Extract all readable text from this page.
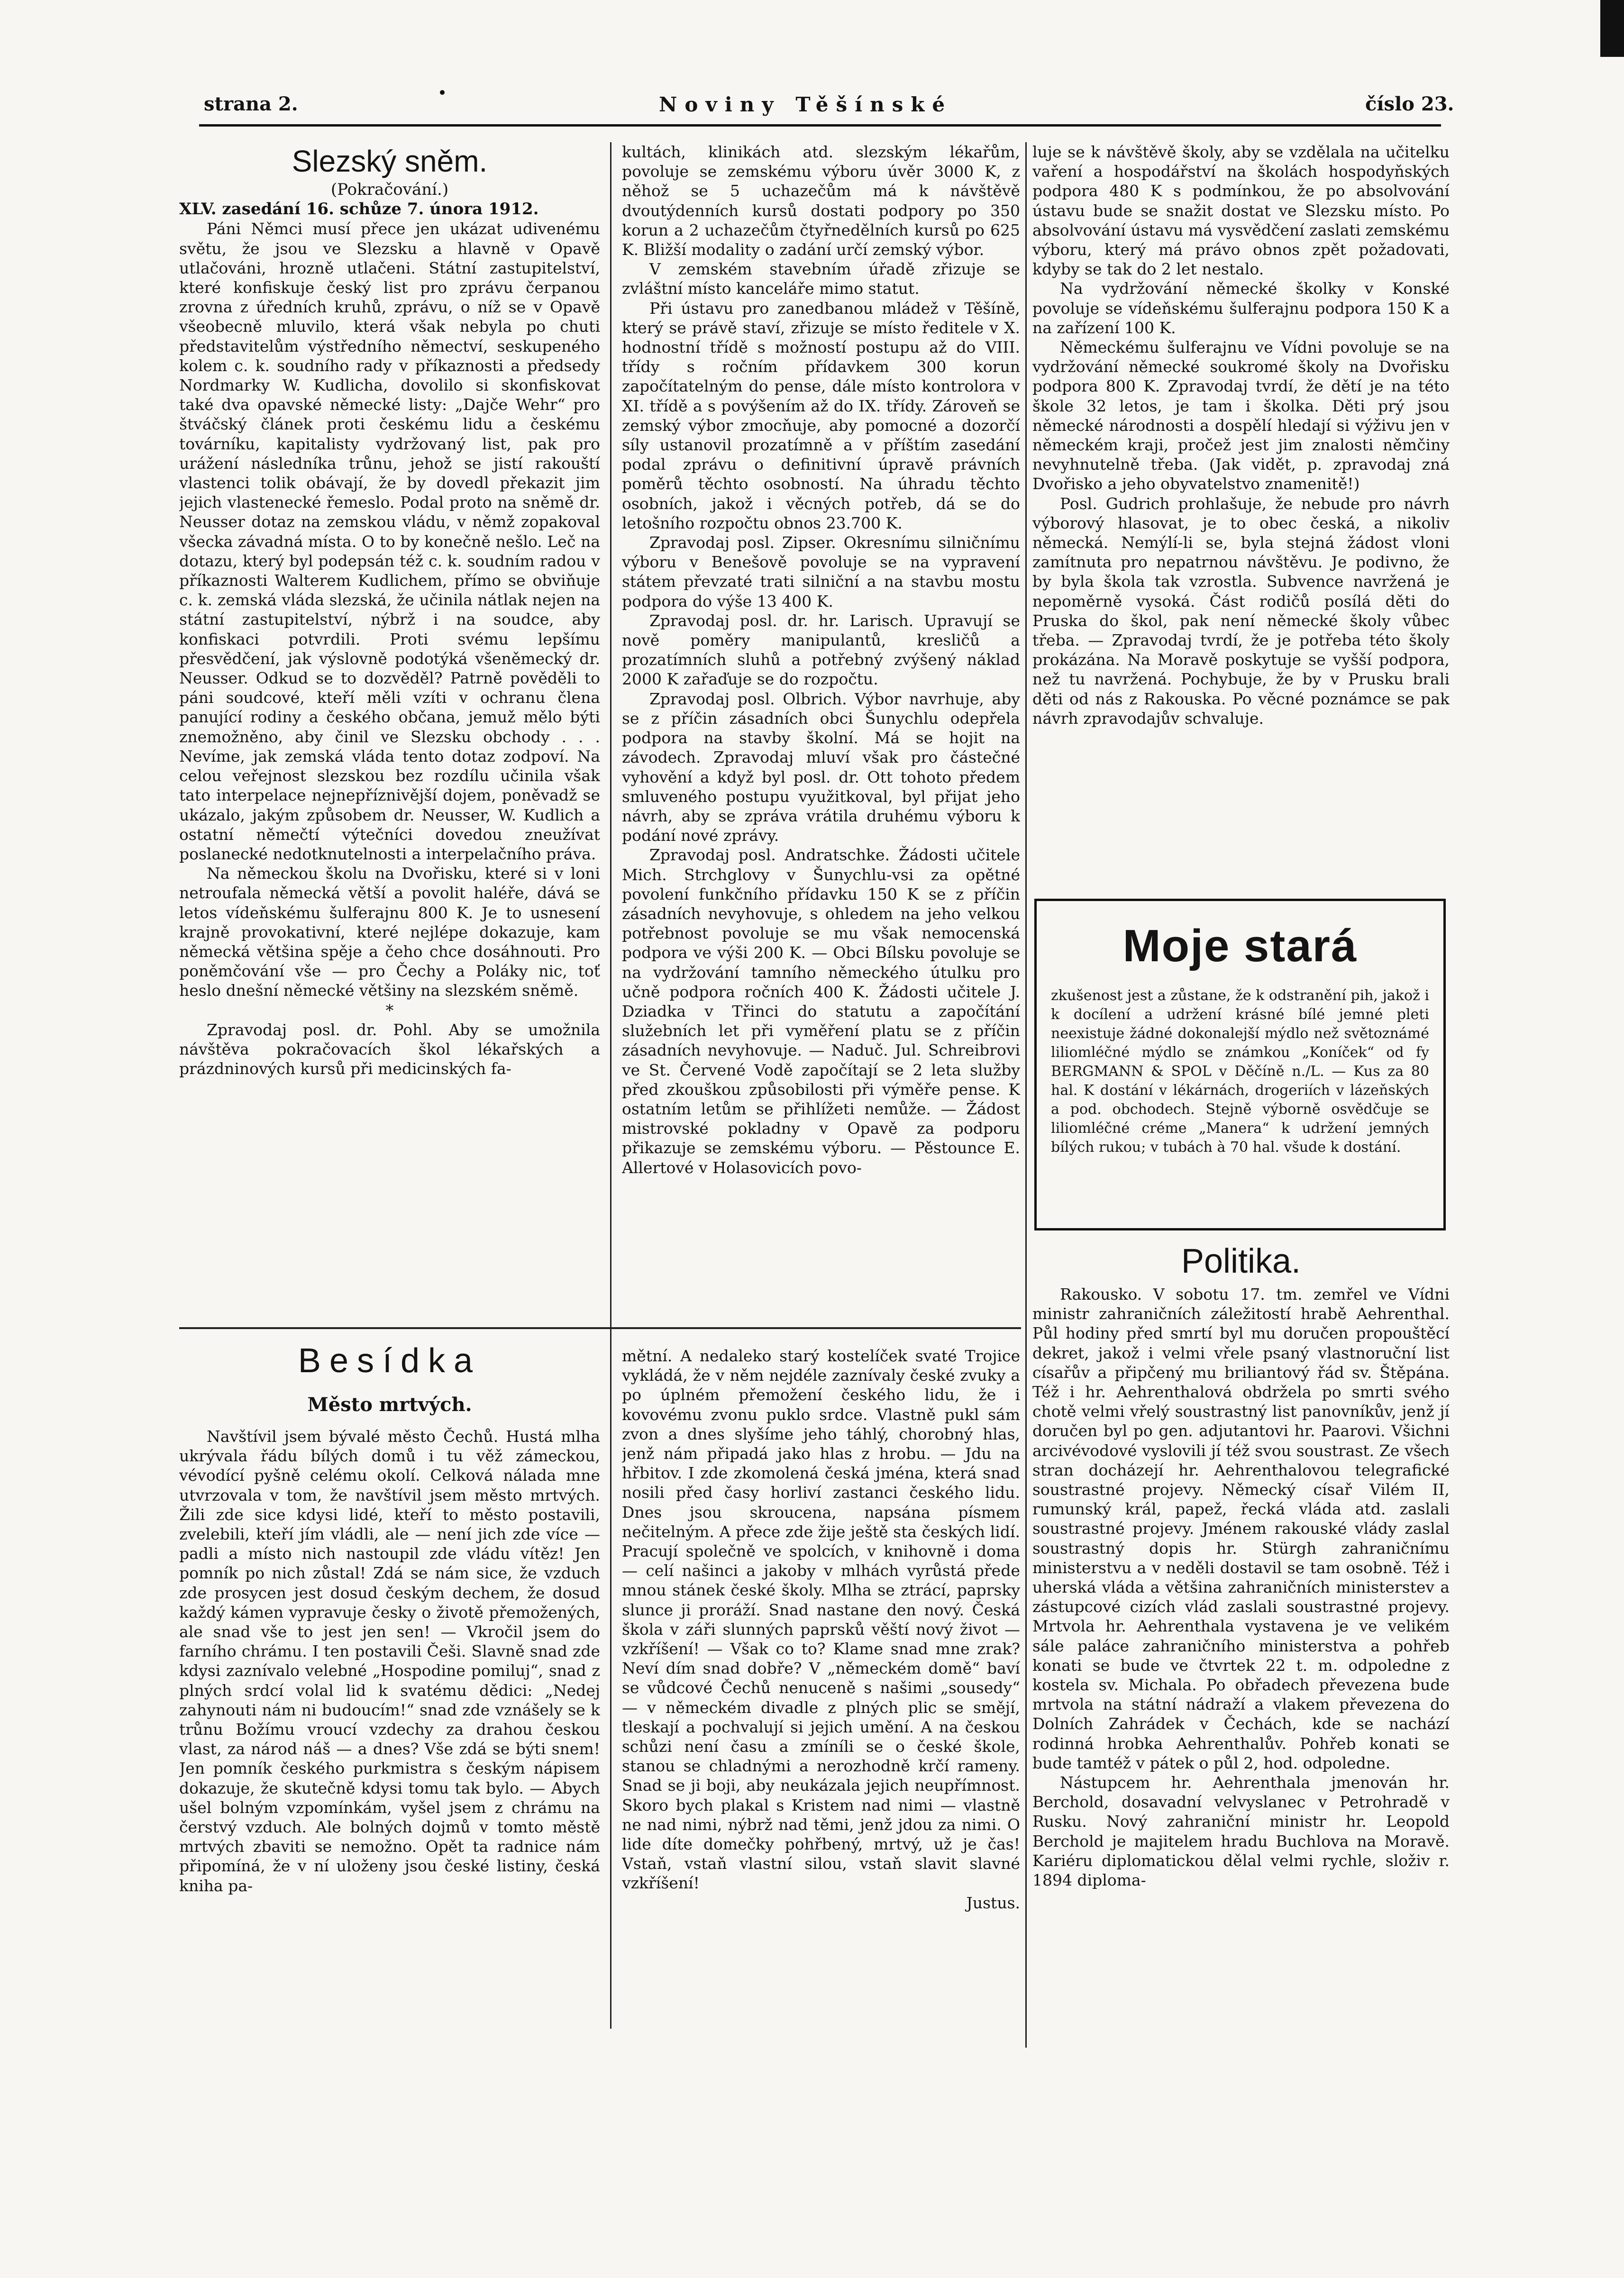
strana 2.	Noviny Těšínské	číslo 23.

Slezský sněm.

(Pokračování.)

XLV. zasedání 16. schůze 7. února 1912.

Páni Němci musí přece jen ukázat udivenému světu, že jsou ve Slezsku a hlavně v Opavě utlačováni, hrozně utlačeni. Státní zastupitelství, které konfiskuje český list pro zprávu čerpanou zrovna z úředních kruhů, zprávu, o níž se v Opavě všeobecně mluvilo, která však nebyla po chuti představitelům výstředního němectví, seskupeného kolem c. k. soudního rady v příkaznosti a předsedy Nordmarky W. Kudlicha, dovolilo si skonfiskovat také dva opavské německé listy: „Dajče Wehr“ pro štváčský článek proti českému lidu a českému továrníku, kapitalisty vydržovaný list, pak pro urážení následníka trůnu, jehož se jistí rakouští vlastenci tolik obávají, že by dovedl překazit jim jejich vlastenecké řemeslo. Podal proto na sněmě dr. Neusser dotaz na zemskou vládu, v němž zopakoval všecka závadná místa. O to by konečně nešlo. Leč na dotazu, který byl podepsán též c. k. soudním radou v příkaznosti Walterem Kudlichem, přímo se obviňuje c. k. zemská vláda slezská, že učinila nátlak nejen na státní zastupitelství, nýbrž i na soudce, aby konfiskaci potvrdili. Proti svému lepšímu přesvědčení, jak výslovně podotýká všeněmecký dr. Neusser. Odkud se to dozvěděl? Patrně pověděli to páni soudcové, kteří měli vzíti v ochranu člena panující rodiny a českého občana, jemuž mělo býti znemožněno, aby činil ve Slezsku obchody . . . Nevíme, jak zemská vláda tento dotaz zodpoví. Na celou veřejnost slezskou bez rozdílu učinila však tato interpelace nejnepříznivější dojem, poněvadž se ukázalo, jakým způsobem dr. Neusser, W. Kudlich a ostatní němečtí výtečníci dovedou zneužívat poslanecké nedotknutelnosti a interpelačního práva.

Na německou školu na Dvořisku, které si v loni netroufala německá větší a povolit haléře, dává se letos vídeňskému šulferajnu 800 K. Je to usnesení krajně provokativní, které nejlépe dokazuje, kam německá většina spěje a čeho chce dosáhnouti. Pro poněmčování vše — pro Čechy a Poláky nic, toť heslo dnešní německé většiny na slezském sněmě.

*

Zpravodaj posl. dr. Pohl. Aby se umožnila návštěva pokračovacích škol lékařských a prázdninových kursů při medicinských fa-

kultách, klinikách atd. slezským lékařům, povoluje se zemskému výboru úvěr 3000 K, z něhož se 5 uchazečům má k návštěvě dvoutýdenních kursů dostati podpory po 350 korun a 2 uchazečům čtyřnedělních kursů po 625 K. Bližší modality o zadání určí zemský výbor.

V zemském stavebním úřadě zřizuje se zvláštní místo kanceláře mimo statut.

Při ústavu pro zanedbanou mládež v Těšíně, který se právě staví, zřizuje se místo ředitele v X. hodnostní třídě s možností postupu až do VIII. třídy s ročním přídavkem 300 korun započítatelným do pense, dále místo kontrolora v XI. třídě a s povýšením až do IX. třídy. Zároveň se zemský výbor zmocňuje, aby pomocné a dozorčí síly ustanovil prozatímně a v příštím zasedání podal zprávu o definitivní úpravě právních poměrů těchto osobností. Na úhradu těchto osobních, jakož i věcných potřeb, dá se do letošního rozpočtu obnos 23.700 K.

Zpravodaj posl. Zipser. Okresnímu silničnímu výboru v Benešově povoluje se na vypravení státem převzaté trati silniční a na stavbu mostu podpora do výše 13 400 K.

Zpravodaj posl. dr. hr. Larisch. Upravují se nově poměry manipulantů, kresličů a prozatímních sluhů a potřebný zvýšený náklad 2000 K zařaďuje se do rozpočtu.

Zpravodaj posl. Olbrich. Výbor navrhuje, aby se z příčin zásadních obci Šunychlu odepřela podpora na stavby školní. Má se hojit na závodech. Zpravodaj mluví však pro částečné vyhovění a když byl posl. dr. Ott tohoto předem smluveného postupu využitkoval, byl přijat jeho návrh, aby se zpráva vrátila druhému výboru k podání nové zprávy.

Zpravodaj posl. Andratschke. Žádosti učitele Mich. Strchglovy v Šunychlu-vsi za opětné povolení funkčního přídavku 150 K se z příčin zásadních nevyhovuje, s ohledem na jeho velkou potřebnost povoluje se mu však nemocenská podpora ve výši 200 K. — Obci Bílsku povoluje se na vydržování tamního německého útulku pro učně podpora ročních 400 K. Žádosti učitele J. Dziadka v Třinci do statutu a započítání služebních let při vyměření platu se z příčin zásadních nevyhovuje. — Naduč. Jul. Schreibrovi ve St. Červené Vodě započítají se 2 leta služby před zkouškou způsobilosti při výměře pense. K ostatním letům se přihlížeti nemůže. — Žádost mistrovské pokladny v Opavě za podporu přikazuje se zemskému výboru. — Pěstounce E. Allertové v Holasovicích povo-

luje se k návštěvě školy, aby se vzdělala na učitelku vaření a hospodářství na školách hospodyňských podpora 480 K s podmínkou, že po absolvování ústavu bude se snažit dostat ve Slezsku místo. Po absolvování ústavu má vysvědčení zaslati zemskému výboru, který má právo obnos zpět požadovati, kdyby se tak do 2 let nestalo.

Na vydržování německé školky v Konské povoluje se vídeňskému šulferajnu podpora 150 K a na zařízení 100 K.

Německému šulferajnu ve Vídni povoluje se na vydržování německé soukromé školy na Dvořisku podpora 800 K. Zpravodaj tvrdí, že dětí je na této škole 32 letos, je tam i školka. Děti prý jsou německé národnosti a dospělí hledají si výživu jen v německém kraji, pročež jest jim znalosti němčiny nevyhnutelně třeba. (Jak vidět, p. zpravodaj zná Dvořisko a jeho obyvatelstvo znamenitě!)

Posl. Gudrich prohlašuje, že nebude pro návrh výborový hlasovat, je to obec česká, a nikoliv německá. Nemýlí-li se, byla stejná žádost vloni zamítnuta pro nepatrnou návštěvu. Je podivno, že by byla škola tak vzrostla. Subvence navržená je nepoměrně vysoká. Část rodičů posílá děti do Pruska do škol, pak není německé školy vůbec třeba. — Zpravodaj tvrdí, že je potřeba této školy prokázána. Na Moravě poskytuje se vyšší podpora, než tu navržená. Pochybuje, že by v Prusku brali děti od nás z Rakouska. Po věcné poznámce se pak návrh zpravodajův schvaluje.

Moje stará

zkušenost jest a zůstane, že k odstranění pih, jakož i k docílení a udržení krásné bílé jemné pleti neexistuje žádné dokonalejší mýdlo než světoznámé liliomléčné mýdlo se známkou „Koníček“ od fy BERGMANN & SPOL v Děčíně n./L. — Kus za 80 hal. K dostání v lékárnách, drogeriích v lázeňských a pod. obchodech. Stejně výborně osvědčuje se liliomléčné créme „Manera“ k udržení jemných bílých rukou; v tubách à 70 hal. všude k dostání.

Besídka
Město mrtvých.

Navštívil jsem bývalé město Čechů. Hustá mlha ukrývala řádu bílých domů i tu věž zámeckou, vévodící pyšně celému okolí. Celková nálada mne utvrzovala v tom, že navštívil jsem město mrtvých. Žili zde sice kdysi lidé, kteří to město postavili, zvelebili, kteří jím vládli, ale — není jich zde více — padli a místo nich nastoupil zde vládu vítěz! Jen pomník po nich zůstal! Zdá se nám sice, že vzduch zde prosycen jest dosud českým dechem, že dosud každý kámen vypravuje česky o životě přemožených, ale snad vše to jest jen sen! — Vkročil jsem do farního chrámu. I ten postavili Češi. Slavně snad zde kdysi zaznívalo velebné „Hospodine pomiluj“, snad z plných srdcí volal lid k svatému dědici: „Nedej zahynouti nám ni budoucím!“ snad zde vznášely se k trůnu Božímu vroucí vzdechy za drahou českou vlast, za národ náš — a dnes? Vše zdá se býti snem! Jen pomník českého purkmistra s českým nápisem dokazuje, že skutečně kdysi tomu tak bylo. — Abych ušel bolným vzpomínkám, vyšel jsem z chrámu na čerstvý vzduch. Ale bolných dojmů v tomto městě mrtvých zbaviti se nemožno. Opět ta radnice nám připomíná, že v ní uloženy jsou české listiny, česká kniha pa-

mětní. A nedaleko starý kostelíček svaté Trojice vykládá, že v něm nejdéle zaznívaly české zvuky a po úplném přemožení českého lidu, že i kovovému zvonu puklo srdce. Vlastně pukl sám zvon a dnes slyšíme jeho táhlý, chorobný hlas, jenž nám připadá jako hlas z hrobu. — Jdu na hřbitov. I zde zkomolená česká jména, která snad nosili před časy horliví zastanci českého lidu. Dnes jsou skroucena, napsána písmem nečitelným. A přece zde žije ještě sta českých lidí. Pracují společně ve spolcích, v knihovně i doma — celí našinci a jakoby v mlhách vyrůstá přede mnou stánek české školy. Mlha se ztrácí, paprsky slunce ji proráží. Snad nastane den nový. Česká škola v záři slunných paprsků věští nový život — vzkříšení! — Však co to? Klame snad mne zrak? Neví dím snad dobře? V „německém domě“ baví se vůdcové Čechů nenuceně s našimi „sousedy“ — v německém divadle z plných plic se smějí, tleskají a pochvalují si jejich umění. A na českou schůzi není času a zmíníli se o české škole, stanou se chladnými a nerozhodně krčí rameny. Snad se ji boji, aby neukázala jejich neupřímnost. Skoro bych plakal s Kristem nad nimi — vlastně ne nad nimi, nýbrž nad těmi, jenž jdou za nimi. O lide díte domečky pohřbený, mrtvý, už je čas! Vstaň, vstaň vlastní silou, vstaň slavit slavné vzkříšení!

Justus.

Politika.

Rakousko. V sobotu 17. tm. zemřel ve Vídni ministr zahraničních záležitostí hrabě Aehrenthal. Půl hodiny před smrtí byl mu doručen propouštěcí dekret, jakož i velmi vřele psaný vlastnoruční list císařův a připčený mu briliantový řád sv. Štěpána. Též i hr. Aehrenthalová obdržela po smrti svého chotě velmi vřelý soustrastný list panovníkův, jenž jí doručen byl po gen. adjutantovi hr. Paarovi. Všichni arcivévodové vyslovili jí též svou soustrast. Ze všech stran docházejí hr. Aehrenthalovou telegrafické soustrastné projevy. Německý císař Vilém II, rumunský král, papež, řecká vláda atd. zaslali soustrastné projevy. Jménem rakouské vlády zaslal soustrastný dopis hr. Stürgh zahraničnímu ministerstvu a v neděli dostavil se tam osobně. Též i uherská vláda a většina zahraničních ministerstev a zástupcové cizích vlád zaslali soustrastné projevy. Mrtvola hr. Aehrenthala vystavena je ve velikém sále paláce zahraničního ministerstva a pohřeb konati se bude ve čtvrtek 22 t. m. odpoledne z kostela sv. Michala. Po obřadech převezena bude mrtvola na státní nádraží a vlakem převezena do Dolních Zahrádek v Čechách, kde se nachází rodinná hrobka Aehrenthalův. Pohřeb konati se bude tamtéž v pátek o půl 2, hod. odpoledne.

Nástupcem hr. Aehrenthala jmenován hr. Berchold, dosavadní velvyslanec v Petrohradě v Rusku. Nový zahraniční ministr hr. Leopold Berchold je majitelem hradu Buchlova na Moravě. Kariéru diplomatickou dělal velmi rychle, složiv r. 1894 diploma-
